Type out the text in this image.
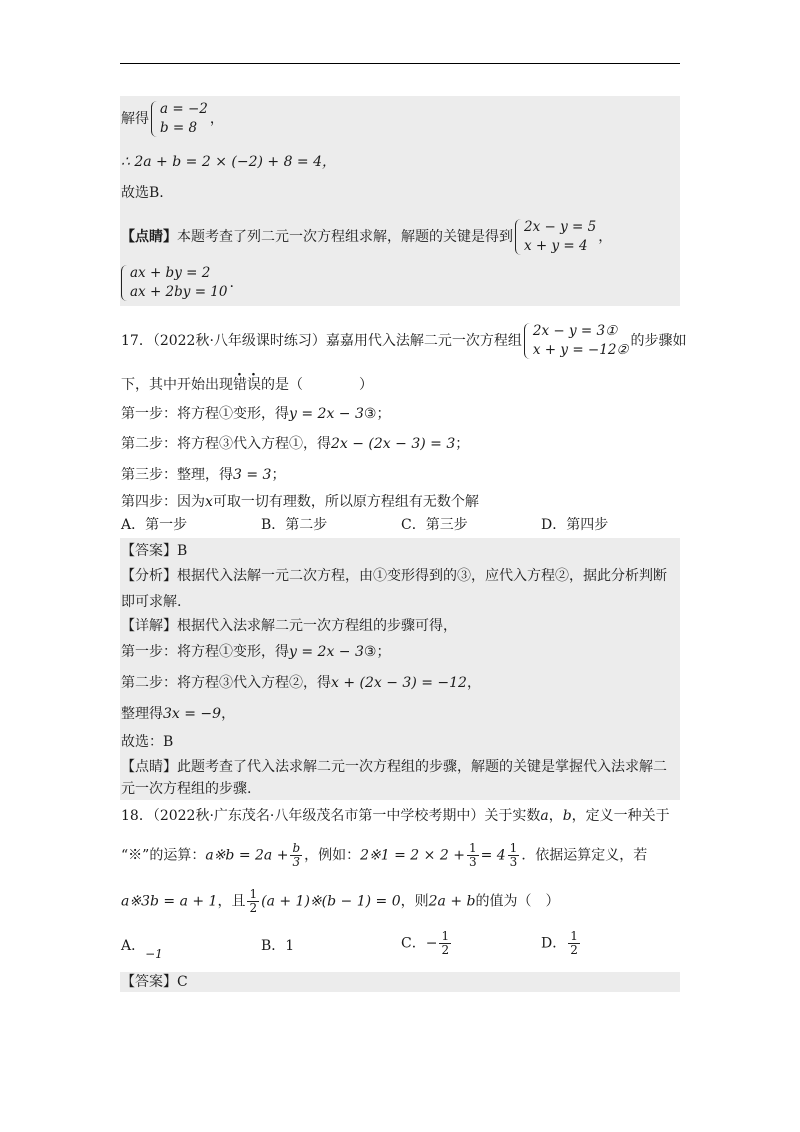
解得
a = −2
b = 8
，
∴ 2a + b = 2 × (−2) + 8 = 4，
故选B.
【点睛】本题考查了列二元一次方程组求解，解题的关键是得到
2x − y = 5
x + y = 4
，
ax + by = 2
ax + 2by = 10
.
17．（2022秋·八年级课时练习）嘉嘉用代入法解二元一次方程组
2x − y = 3①
x + y = −12②
的步骤如
下，其中开始出现错误的是（　　　　）
第一步：将方程①变形，得y = 2x − 3③；
第二步：将方程③代入方程①，得2x − (2x − 3) = 3；
第三步：整理，得3 = 3；
第四步：因为x可取一切有理数，所以原方程组有无数个解
A．第一步	B．第二步	C．第三步	D．第四步
【答案】B
【分析】根据代入法解一元二次方程，由①变形得到的③，应代入方程②，据此分析判断
即可求解.
【详解】根据代入法求解二元一次方程组的步骤可得，
第一步：将方程①变形，得y = 2x − 3③；
第二步：将方程③代入方程②，得x + (2x − 3) = −12，
整理得3x = −9，
故选：B
【点睛】此题考查了代入法求解二元一次方程组的步骤，解题的关键是掌握代入法求解二
元一次方程组的步骤.
18．（2022秋·广东茂名·八年级茂名市第一中学校考期中）关于实数a，b，定义一种关于
“※”的运算：a※b = $2a + \frac{b}{3}$ ，例如：2※1 = $2 \times 2 + \frac{1}{3} = 4 \frac{1}{3}$ ．依据运算定义，若
a※3b = a + 1，且 $\frac{1}{2} (a$ + 1)※(b − 1) = 0，则2a + b的值为（　）
A．−1	B．1	C．− $\frac{1}{2}$	D． $\frac{1}{2}$
【答案】C
